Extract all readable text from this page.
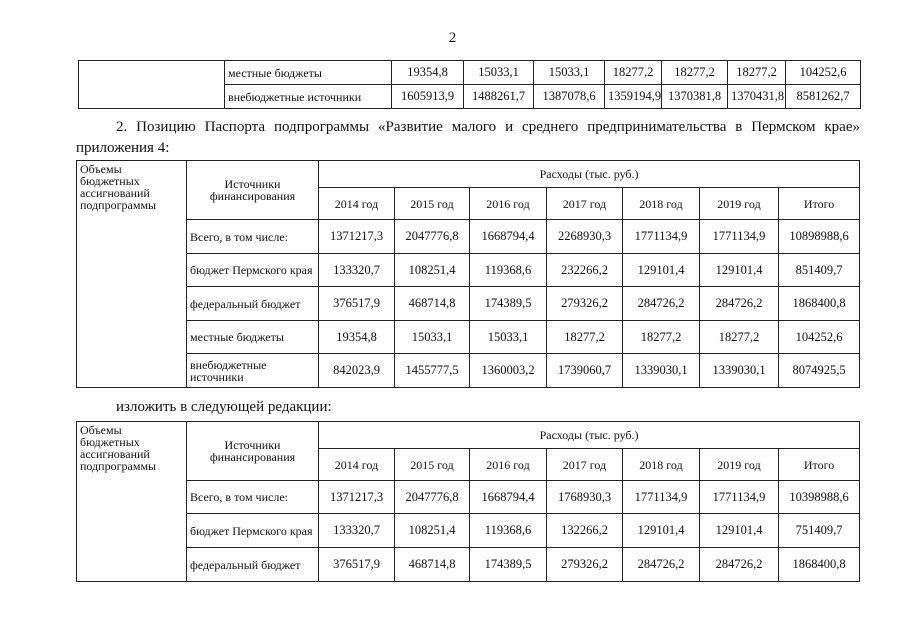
2
	местные бюджеты	19354,8	15033,1	15033,1	18277,2	18277,2	18277,2	104252,6
	внебюджетные источники	1605913,9	1488261,7	1387078,6	1359194,9	1370381,8	1370431,8	8581262,7
2. Позицию Паспорта подпрограммы «Развитие малого и среднего предпринимательства в Пермском крае» приложения 4:
Объемы бюджетных ассигнований подпрограммы	Источники финансирования	Расходы (тыс. руб.)						
		2014 год	2015 год	2016 год	2017 год	2018 год	2019 год	Итого
	Всего, в том числе:	1371217,3	2047776,8	1668794,4	2268930,3	1771134,9	1771134,9	10898988,6
	бюджет Пермского края	133320,7	108251,4	119368,6	232266,2	129101,4	129101,4	851409,7
	федеральный бюджет	376517,9	468714,8	174389,5	279326,2	284726,2	284726,2	1868400,8
	местные бюджеты	19354,8	15033,1	15033,1	18277,2	18277,2	18277,2	104252,6
	внебюджетные источники	842023,9	1455777,5	1360003,2	1739060,7	1339030,1	1339030,1	8074925,5
изложить в следующей редакции:
Объемы бюджетных ассигнований подпрограммы	Источники финансирования	Расходы (тыс. руб.)						
		2014 год	2015 год	2016 год	2017 год	2018 год	2019 год	Итого
	Всего, в том числе:	1371217,3	2047776,8	1668794,4	1768930,3	1771134,9	1771134,9	10398988,6
	бюджет Пермского края	133320,7	108251,4	119368,6	132266,2	129101,4	129101,4	751409,7
	федеральный бюджет	376517,9	468714,8	174389,5	279326,2	284726,2	284726,2	1868400,8
